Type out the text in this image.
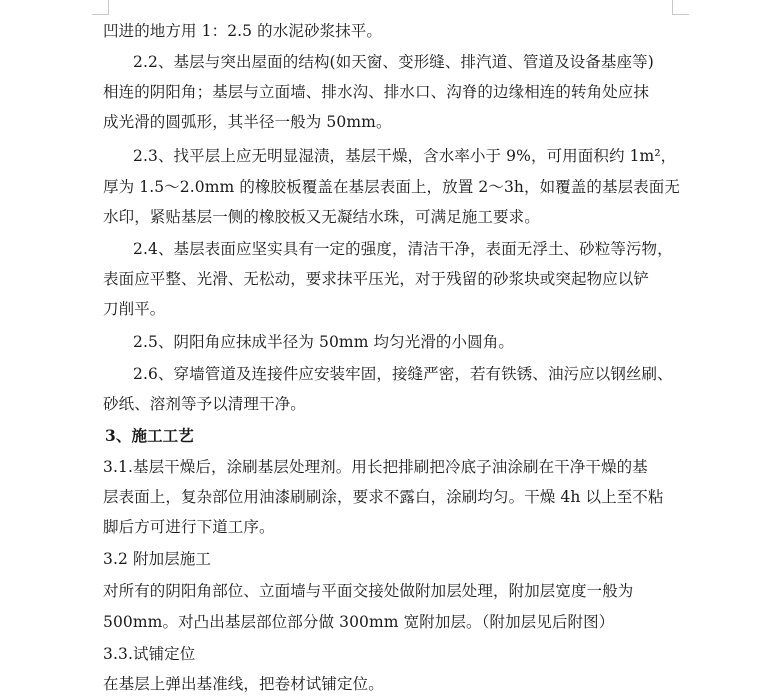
凹进的地方用 1：2.5 的水泥砂浆抹平。
2.2、基层与突出屋面的结构(如天窗、变形缝、排汽道、管道及设备基座等)
相连的阴阳角；基层与立面墙、排水沟、排水口、沟脊的边缘相连的转角处应抹
成光滑的圆弧形，其半径一般为 50mm。
2.3、找平层上应无明显湿渍，基层干燥，含水率小于 9%，可用面积约 1m²，
厚为 1.5～2.0mm 的橡胶板覆盖在基层表面上，放置 2～3h，如覆盖的基层表面无
水印，紧贴基层一侧的橡胶板又无凝结水珠，可满足施工要求。
2.4、基层表面应坚实具有一定的强度，清洁干净，表面无浮土、砂粒等污物，
表面应平整、光滑、无松动，要求抹平压光，对于残留的砂浆块或突起物应以铲
刀削平。
2.5、阴阳角应抹成半径为 50mm 均匀光滑的小圆角。
2.6、穿墙管道及连接件应安装牢固，接缝严密，若有铁锈、油污应以钢丝刷、
砂纸、溶剂等予以清理干净。
3、施工工艺
3.1.基层干燥后，涂刷基层处理剂。用长把排刷把冷底子油涂刷在干净干燥的基
层表面上，复杂部位用油漆刷刷涂，要求不露白，涂刷均匀。干燥 4h 以上至不粘
脚后方可进行下道工序。
3.2 附加层施工
对所有的阴阳角部位、立面墙与平面交接处做附加层处理，附加层宽度一般为
500mm。对凸出基层部位部分做 300mm 宽附加层。（附加层见后附图）
3.3.试铺定位
在基层上弹出基准线，把卷材试铺定位。
